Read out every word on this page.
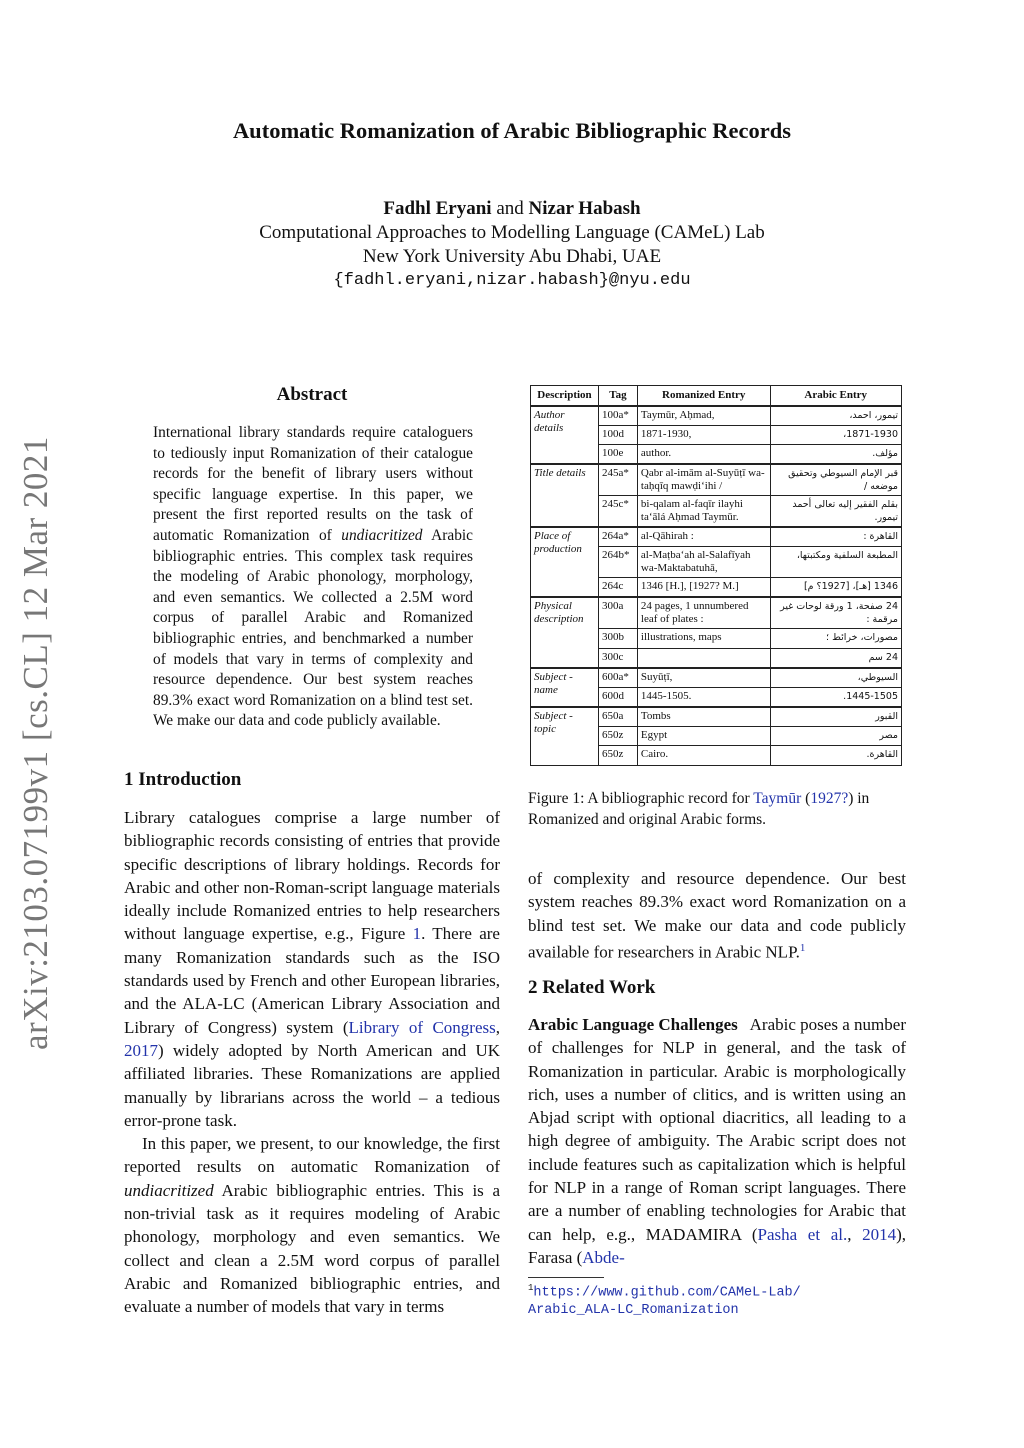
arXiv:2103.07199v1 [cs.CL] 12 Mar 2021
Automatic Romanization of Arabic Bibliographic Records
Fadhl Eryani and Nizar Habash
Computational Approaches to Modelling Language (CAMeL) Lab
New York University Abu Dhabi, UAE
{fadhl.eryani,nizar.habash}@nyu.edu
Abstract
International library standards require cataloguers to tediously input Romanization of their catalogue records for the benefit of library users without specific language expertise. In this paper, we present the first reported results on the task of automatic Romanization of undiacritized Arabic bibliographic entries. This complex task requires the modeling of Arabic phonology, morphology, and even semantics. We collected a 2.5M word corpus of parallel Arabic and Romanized bibliographic entries, and benchmarked a number of models that vary in terms of complexity and resource dependence. Our best system reaches 89.3% exact word Romanization on a blind test set. We make our data and code publicly available.
1 Introduction

Library catalogues comprise a large number of bibliographic records consisting of entries that provide specific descriptions of library holdings. Records for Arabic and other non-Roman-script language materials ideally include Romanized entries to help researchers without language expertise, e.g., Figure 1. There are many Romanization standards such as the ISO standards used by French and other European libraries, and the ALA-LC (American Library Association and Library of Congress) system (Library of Congress, 2017) widely adopted by North American and UK affiliated libraries. These Romanizations are applied manually by librarians across the world – a tedious error-prone task.

In this paper, we present, to our knowledge, the first reported results on automatic Romanization of undiacritized Arabic bibliographic entries. This is a non-trivial task as it requires modeling of Arabic phonology, morphology and even semantics. We collect and clean a 2.5M word corpus of parallel Arabic and Romanized bibliographic entries, and evaluate a number of models that vary in terms

Description	Tag	Romanized Entry	Arabic Entry
Author details	100a*	Taymūr, Aḥmad,	تيمور، احمد،
	100d	1871-1930,	1871-1930،
	100e	author.	مؤلف.
Title details	245a*	Qabr al-imām al-Suyūṭī wa-taḥqīq mawḍiʻihi /	قبر الإمام السيوطي وتحقيق موضعه /
	245c*	bi-qalam al-faqīr ilayhi taʻālá Aḥmad Taymūr.	بقلم الفقير إليه تعالى أحمد تيمور.
Place of production	264a*	al-Qāhirah :	القاهرة :
	264b*	al-Maṭbaʻah al-Salafīyah wa-Maktabatuhā,	المطبعة السلفية ومكتبتها،
	264c	1346 [H.], [1927? M.]	1346 [هـ]، [1927؟ م]
Physical description	300a	24 pages, 1 unnumbered leaf of plates :	24 صفحة، 1 ورقة لوحات غير مرقمة :
	300b	illustrations, maps	مصورات، خرائط ؛
	300c		24 سم
Subject - name	600a*	Suyūṭī,	السيوطي،
	600d	1445-1505.	1445-1505.
Subject - topic	650a	Tombs	القبور
	650z	Egypt	مصر
	650z	Cairo.	القاهرة.
Figure 1: A bibliographic record for Taymūr (1927?) in Romanized and original Arabic forms.
of complexity and resource dependence. Our best system reaches 89.3% exact word Romanization on a blind test set. We make our data and code publicly available for researchers in Arabic NLP.$^1$
2 Related Work
Arabic Language Challenges   Arabic poses a number of challenges for NLP in general, and the task of Romanization in particular. Arabic is morphologically rich, uses a number of clitics, and is written using an Abjad script with optional diacritics, all leading to a high degree of ambiguity. The Arabic script does not include features such as capitalization which is helpful for NLP in a range of Roman script languages. There are a number of enabling technologies for Arabic that can help, e.g., MADAMIRA (Pasha et al., 2014), Farasa (Abde-
$^1$https://www.github.com/CAMeL-Lab/
Arabic_ALA-LC_Romanization
